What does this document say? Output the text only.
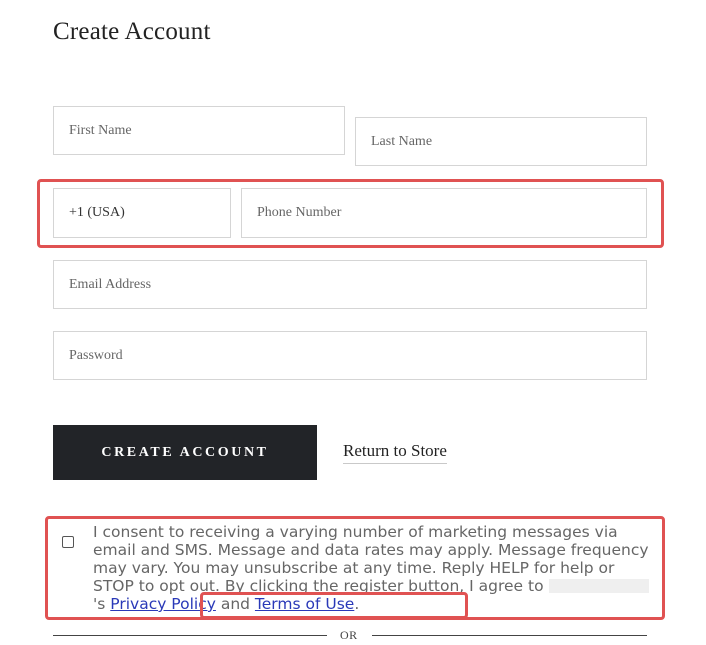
Create Account
First Name
Last Name
+1 (USA)
Phone Number
Email Address
CREATE ACCOUNT	Return to Store
I consent to receiving a varying number of marketing messages via email and SMS. Message and data rates may apply. Message frequency may vary. You may unsubscribe at any time. Reply HELP for help or STOP to opt out. By clicking the register button, I agree to 's Privacy Policy and Terms of Use.
OR
